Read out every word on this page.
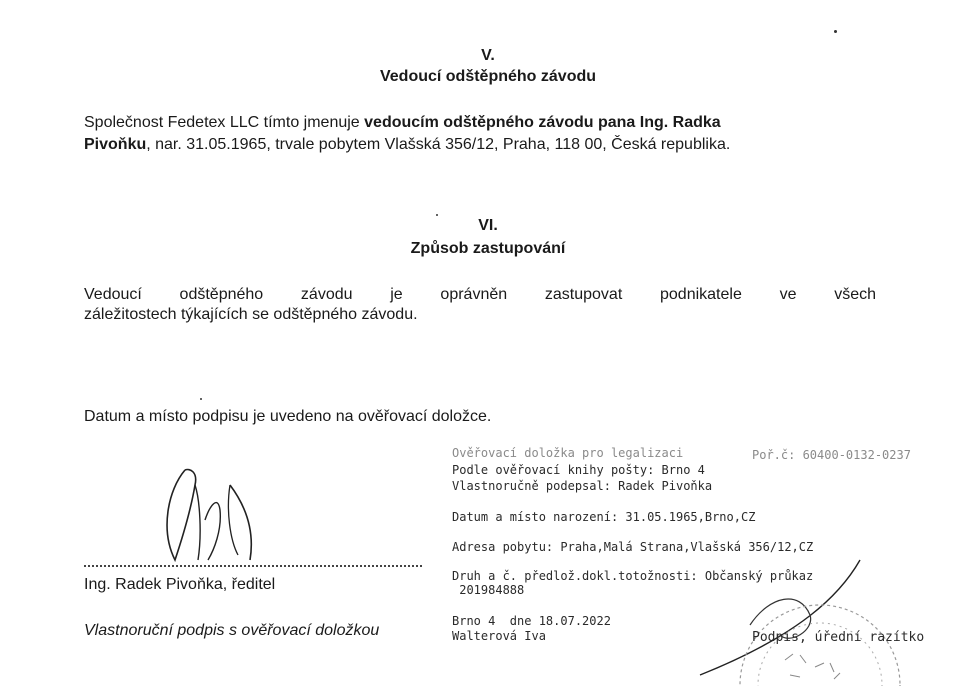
V.
Vedoucí odštěpného závodu
Společnost Fedetex LLC tímto jmenuje vedoucím odštěpného závodu pana Ing. Radka
Pivoňku, nar. 31.05.1965, trvale pobytem Vlašská 356/12, Praha, 118 00, Česká republika.
VI.
Způsob zastupování
Vedoucí odštěpného závodu je oprávněn zastupovat podnikatele ve všech
záležitostech týkajících se odštěpného závodu.
Datum a místo podpisu je uvedeno na ověřovací doložce.
Ing. Radek Pivoňka, ředitel
Vlastnoruční podpis s ověřovací doložkou
Ověřovací doložka pro legalizaci	Poř.č: 60400-0132-0237
Podle ověřovací knihy pošty: Brno 4
Vlastnoručně podepsal: Radek Pivoňka
Datum a místo narození: 31.05.1965,Brno,CZ
Adresa pobytu: Praha,Malá Strana,Vlašská 356/12,CZ
Druh a č. předlož.dokl.totožnosti: Občanský průkaz
201984888
Brno 4  dne 18.07.2022
Walterová Iva	Podpis, úřední razítko
